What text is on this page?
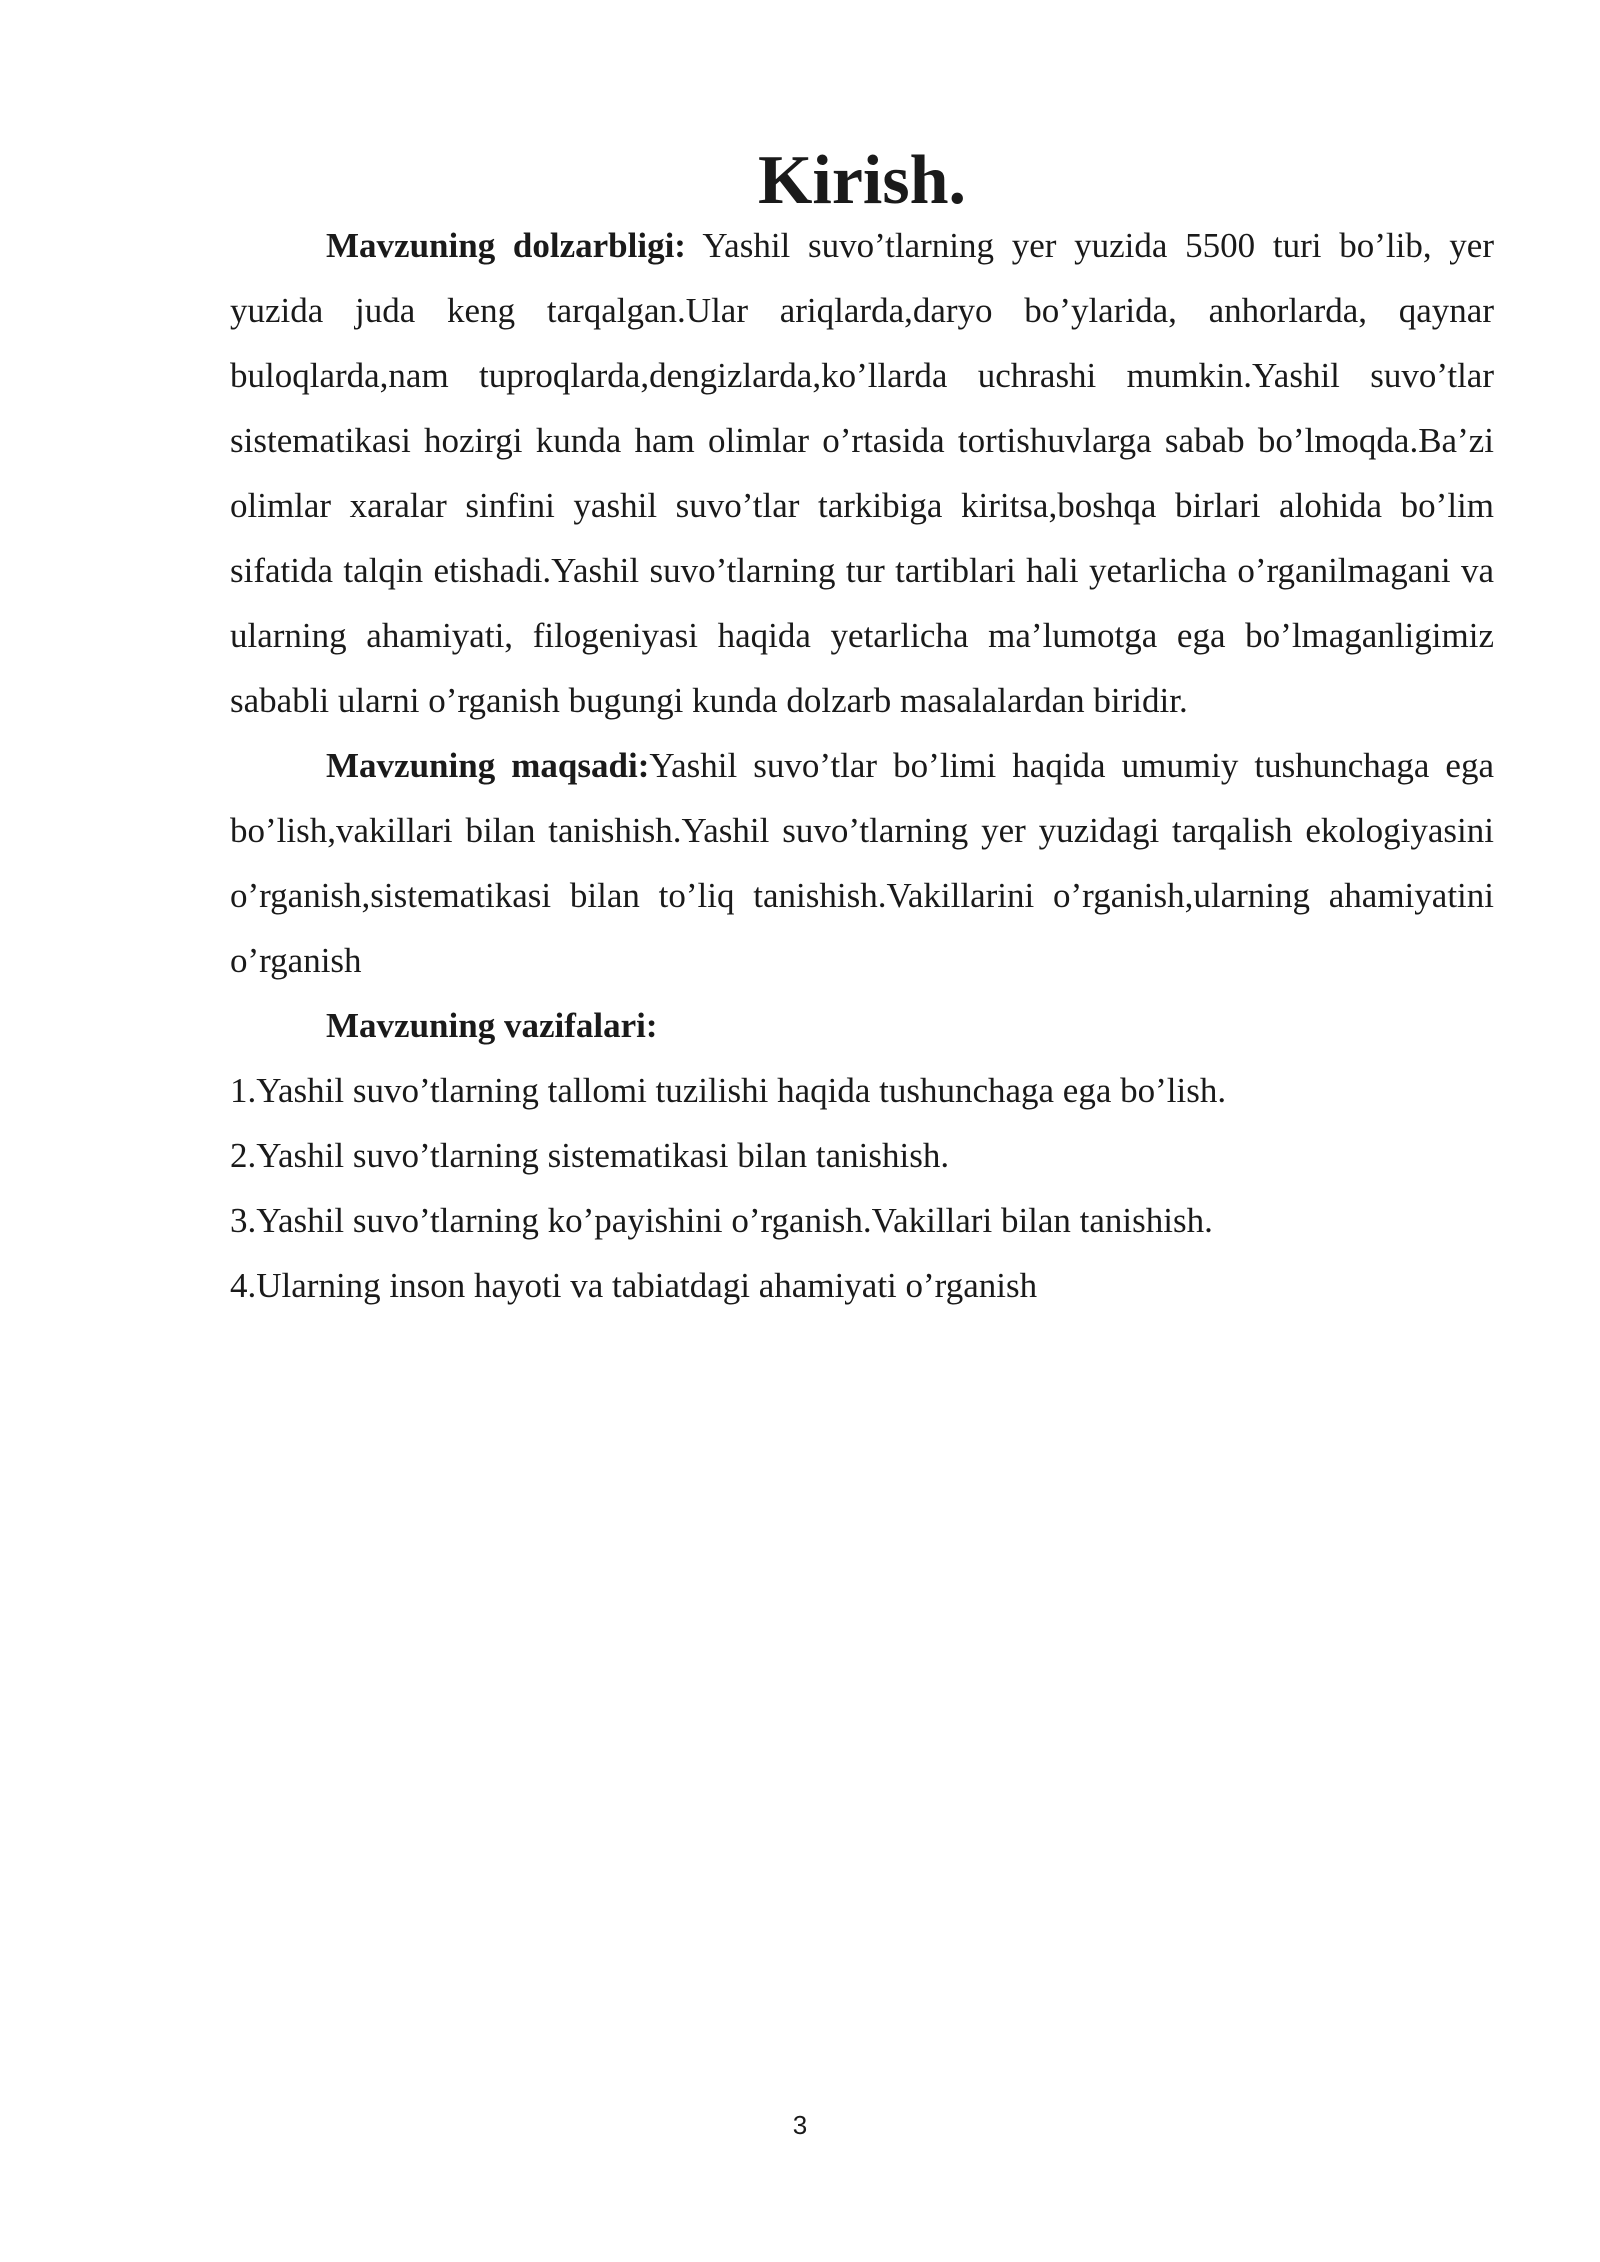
Kirish.

Mavzuning dolzarbligi: Yashil suvo’tlarning yer yuzida 5500 turi bo’lib, yer yuzida juda keng tarqalgan.Ular ariqlarda,daryo bo’ylarida, anhorlarda, qaynar buloqlarda,nam tuproqlarda,dengizlarda,ko’llarda uchrashi mumkin.Yashil suvo’tlar sistematikasi hozirgi kunda ham olimlar o’rtasida tortishuvlarga sabab bo’lmoqda.Ba’zi olimlar xaralar sinfini yashil suvo’tlar tarkibiga kiritsa,boshqa birlari alohida bo’lim sifatida talqin etishadi.Yashil suvo’tlarning tur tartiblari hali yetarlicha o’rganilmagani va ularning ahamiyati, filogeniyasi haqida yetarlicha ma’lumotga ega bo’lmaganligimiz sababli ularni o’rganish bugungi kunda dolzarb masalalardan biridir.

Mavzuning maqsadi:Yashil suvo’tlar bo’limi haqida umumiy tushunchaga ega bo’lish,vakillari bilan tanishish.Yashil suvo’tlarning yer yuzidagi tarqalish ekologiyasini o’rganish,sistematikasi bilan to’liq tanishish.Vakillarini o’rganish,ularning ahamiyatini o’rganish

Mavzuning vazifalari:

1.Yashil suvo’tlarning tallomi tuzilishi haqida tushunchaga ega bo’lish.
2.Yashil suvo’tlarning sistematikasi bilan tanishish.
3.Yashil suvo’tlarning ko’payishini o’rganish.Vakillari bilan tanishish.
4.Ularning inson hayoti va tabiatdagi ahamiyati o’rganish
3
